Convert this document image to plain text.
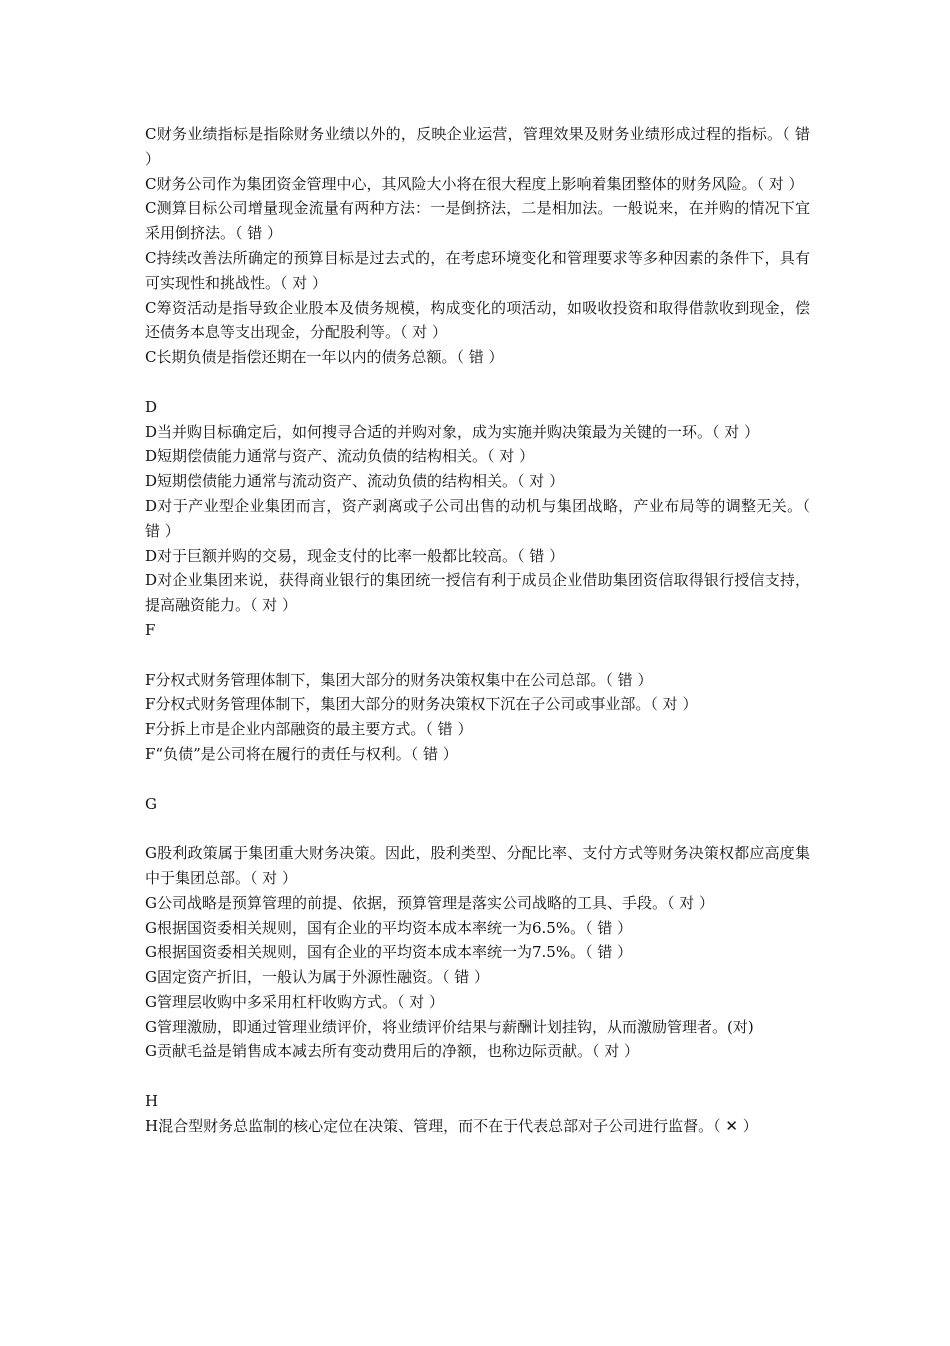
C财务业绩指标是指除财务业绩以外的，反映企业运营，管理效果及财务业绩形成过程的指标。（ 错 ）

C财务公司作为集团资金管理中心，其风险大小将在很大程度上影响着集团整体的财务风险。（ 对 ）

C测算目标公司增量现金流量有两种方法：一是倒挤法，二是相加法。一般说来，在并购的情况下宜采用倒挤法。（ 错 ）

C持续改善法所确定的预算目标是过去式的，在考虑环境变化和管理要求等多种因素的条件下，具有可实现性和挑战性。（ 对 ）

C筹资活动是指导致企业股本及债务规模，构成变化的项活动，如吸收投资和取得借款收到现金，偿还债务本息等支出现金，分配股利等。（ 对 ）

C长期负债是指偿还期在一年以内的债务总额。（ 错 ）

D

D当并购目标确定后，如何搜寻合适的并购对象，成为实施并购决策最为关键的一环。（ 对 ）

D短期偿债能力通常与资产、流动负债的结构相关。（ 对 ）

D短期偿债能力通常与流动资产、流动负债的结构相关。（ 对 ）

D对于产业型企业集团而言，资产剥离或子公司出售的动机与集团战略，产业布局等的调整无关。（ 错 ）

D对于巨额并购的交易，现金支付的比率一般都比较高。（ 错 ）

D对企业集团来说，获得商业银行的集团统一授信有利于成员企业借助集团资信取得银行授信支持，提高融资能力。（ 对 ）

F

F分权式财务管理体制下，集团大部分的财务决策权集中在公司总部。（ 错 ）

F分权式财务管理体制下，集团大部分的财务决策权下沉在子公司或事业部。（ 对 ）

F分拆上市是企业内部融资的最主要方式。（ 错 ）

F“负债”是公司将在履行的责任与权利。（ 错 ）

G

G股利政策属于集团重大财务决策。因此，股利类型、分配比率、支付方式等财务决策权都应高度集中于集团总部。（ 对 ）

G公司战略是预算管理的前提、依据，预算管理是落实公司战略的工具、手段。（ 对 ）

G根据国资委相关规则，国有企业的平均资本成本率统一为6.5%。（ 错 ）

G根据国资委相关规则，国有企业的平均资本成本率统一为7.5%。（ 错 ）

G固定资产折旧，一般认为属于外源性融资。（ 错 ）

G管理层收购中多采用杠杆收购方式。（ 对 ）

G管理激励，即通过管理业绩评价，将业绩评价结果与薪酬计划挂钩，从而激励管理者。(对)

G贡献毛益是销售成本减去所有变动费用后的净额，也称边际贡献。（ 对 ）

H

H混合型财务总监制的核心定位在决策、管理，而不在于代表总部对子公司进行监督。（ ✕ ）
